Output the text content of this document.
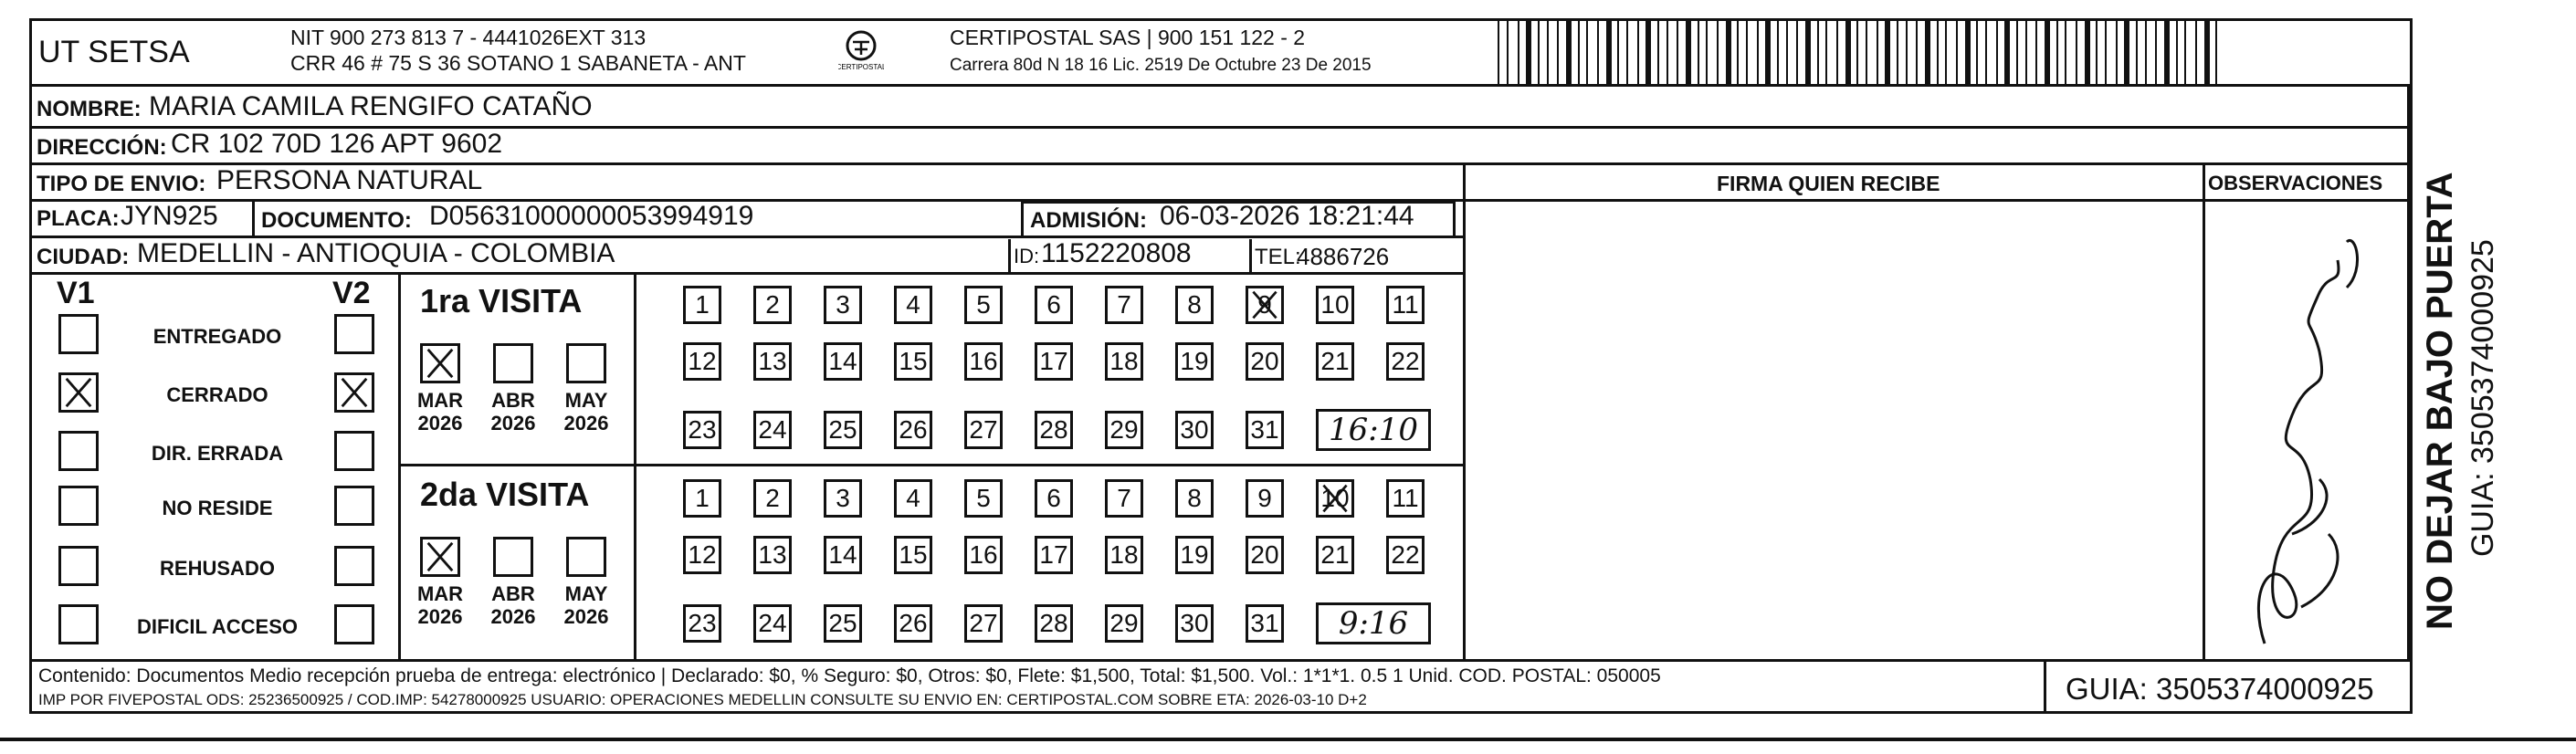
UT SETSA	NIT 900 273 813 7 - 4441026EXT 313
CRR 46 # 75 S 36 SOTANO 1 SABANETA - ANT	CERTIPOSTAL
CERTIPOSTAL SAS | 900 151 122 - 2
Carrera 80d N 18 16 Lic. 2519 De Octubre 23 De 2015
NOMBRE: MARIA CAMILA RENGIFO CATAÑO
DIRECCIÓN: CR 102 70D 126 APT 9602
TIPO DE ENVIO: PERSONA NATURAL
PLACA: JYN925 DOCUMENTO: D05631000000053994919	ADMISIÓN: 06-03-2026 18:21:44
CIUDAD: MEDELLIN - ANTIOQUIA - COLOMBIA	ID: 1152220808	TEL:
4886726
FIRMA QUIEN RECIBE	OBSERVACIONES NO DEJAR BAJO PUERTA GUIA: 3505374000925
V1	V2
ENTREGADO
CERRADO
DIR. ERRADA
NO RESIDE
REHUSADO
DIFICIL ACCESO
1ra VISITA
MAR
2026
ABR
2026
MAY
2026
1 2 3 4 5 6 7 8 9 10 11
12 13 14 15 16 17 18 19 20 21 22
23 24 25 26 27 28 29 30 31 16:10
2da VISITA
MAR
2026
ABR
2026
MAY
2026
1 2 3 4 5 6 7 8 9 10 11
12 13 14 15 16 17 18 19 20 21 22
23 24 25 26 27 28 29 30 31 9:16
Contenido: Documentos Medio recepción prueba de entrega: electrónico | Declarado: $0, % Seguro: $0, Otros: $0, Flete: $1,500, Total: $1,500. Vol.: 1*1*1. 0.5 1 Unid. COD. POSTAL: 050005
IMP POR FIVEPOSTAL ODS: 25236500925 / COD.IMP: 54278000925 USUARIO: OPERACIONES MEDELLIN CONSULTE SU ENVIO EN: CERTIPOSTAL.COM SOBRE ETA: 2026-03-10 D+2	GUIA: 3505374000925
